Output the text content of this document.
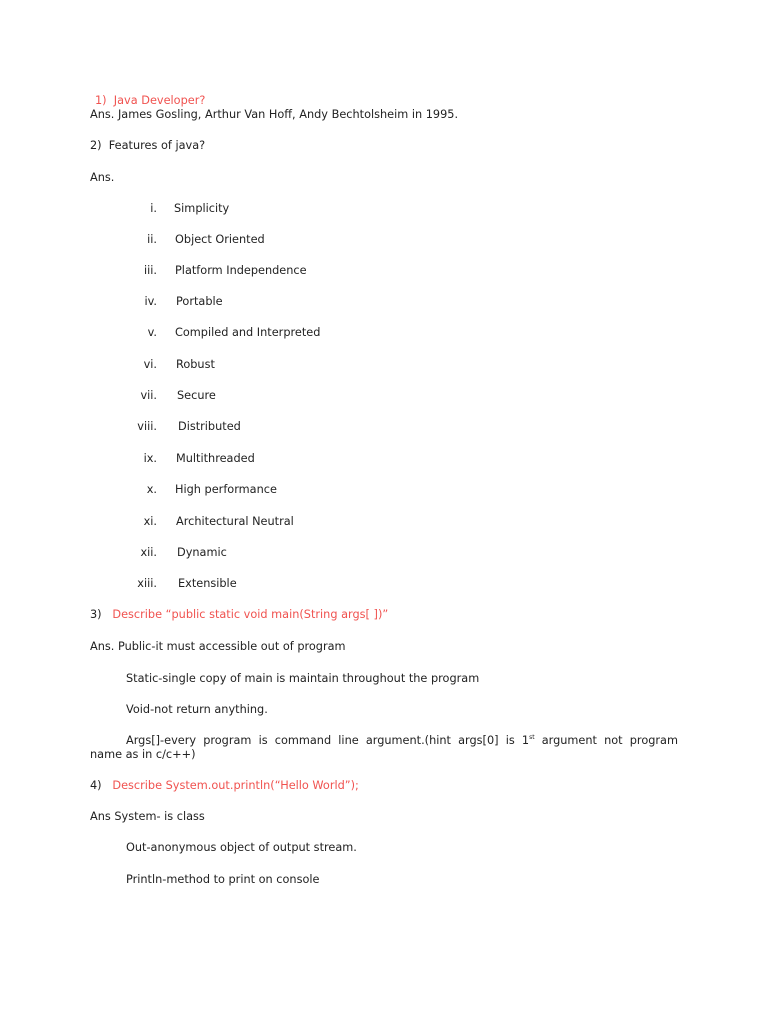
1) Java Developer?
Ans. James Gosling, Arthur Van Hoff, Andy Bechtolsheim in 1995.
2) Features of java?
Ans.
i. Simplicity
ii. Object Oriented
iii. Platform Independence
iv. Portable
v. Compiled and Interpreted
vi. Robust
vii. Secure
viii. Distributed
ix. Multithreaded
x. High performance
xi. Architectural Neutral
xii. Dynamic
xiii. Extensible
3) Describe “public static void main(String args[ ])”
Ans. Public-it must accessible out of program
Static-single copy of main is maintain throughout the program
Void-not return anything.
Args[]-every program is command line argument.(hint args[0] is 1st argument not program
name as in c/c++)
4) Describe System.out.println(“Hello World”);
Ans System- is class
Out-anonymous object of output stream.
Println-method to print on console
